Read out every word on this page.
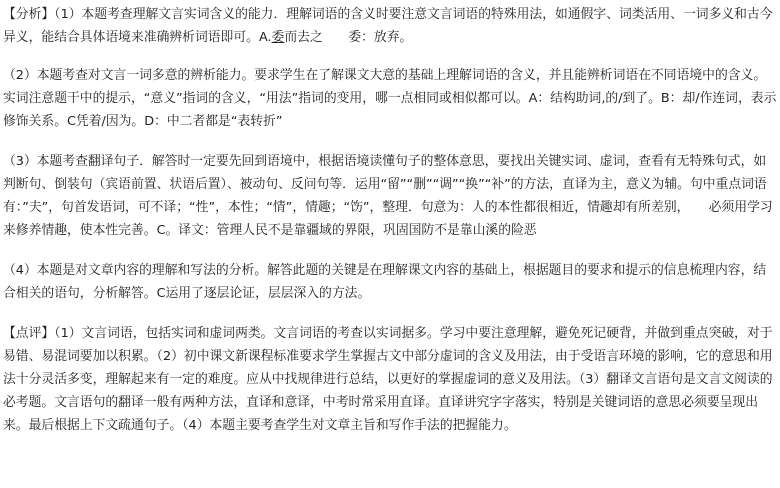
【分析】（1）本题考查理解文言实词含义的能力．理解词语的含义时要注意文言词语的特殊用法，如通假字、词类活用、一词多义和古今异义，能结合具体语境来准确辨析词语即可。A.委而去之　　委：放弃。

（2）本题考查对文言一词多意的辨析能力。要求学生在了解课文大意的基础上理解词语的含义，并且能辨析词语在不同语境中的含义。实词注意题干中的提示，“意义”指词的含义，“用法”指词的变用，哪一点相同或相似都可以。A：结构助词,的/到了。B：却/作连词，表示修饰关系。C凭着/因为。D：中二者都是“表转折”

（3）本题考查翻译句子．解答时一定要先回到语境中，根据语境读懂句子的整体意思，要找出关键实词、虚词，查看有无特殊句式，如判断句、倒装句（宾语前置、状语后置）、被动句、反问句等．运用“留”“删”“调”“换”“补”的方法，直译为主，意义为辅。句中重点词语有：”夫”，句首发语词，可不译；“性”，本性；“情”，情趣；“饬”，整理．句意为：人的本性都很相近，情趣却有所差别，　　必须用学习来修养情趣，使本性完善。C。译文：管理人民不是靠疆域的界限，巩固国防不是靠山溪的险恶

（4）本题是对文章内容的理解和写法的分析。解答此题的关键是在理解课文内容的基础上，根据题目的要求和提示的信息梳理内容，结合相关的语句，分析解答。C运用了逐层论证，层层深入的方法。

【点评】（1）文言词语，包括实词和虚词两类。文言词语的考查以实词据多。学习中要注意理解，避免死记硬背，并做到重点突破，对于易错、易混词要加以积累。（2）初中课文新课程标准要求学生掌握古文中部分虚词的含义及用法，由于受语言环境的影响，它的意思和用法十分灵活多变，理解起来有一定的难度。应从中找规律进行总结，以更好的掌握虚词的意义及用法。（3）翻译文言语句是文言文阅读的必考题。文言语句的翻译一般有两种方法，直译和意译，中考时常采用直译。直译讲究字字落实，特别是关键词语的意思必须要呈现出来。最后根据上下文疏通句子。（4）本题主要考查学生对文章主旨和写作手法的把握能力。
